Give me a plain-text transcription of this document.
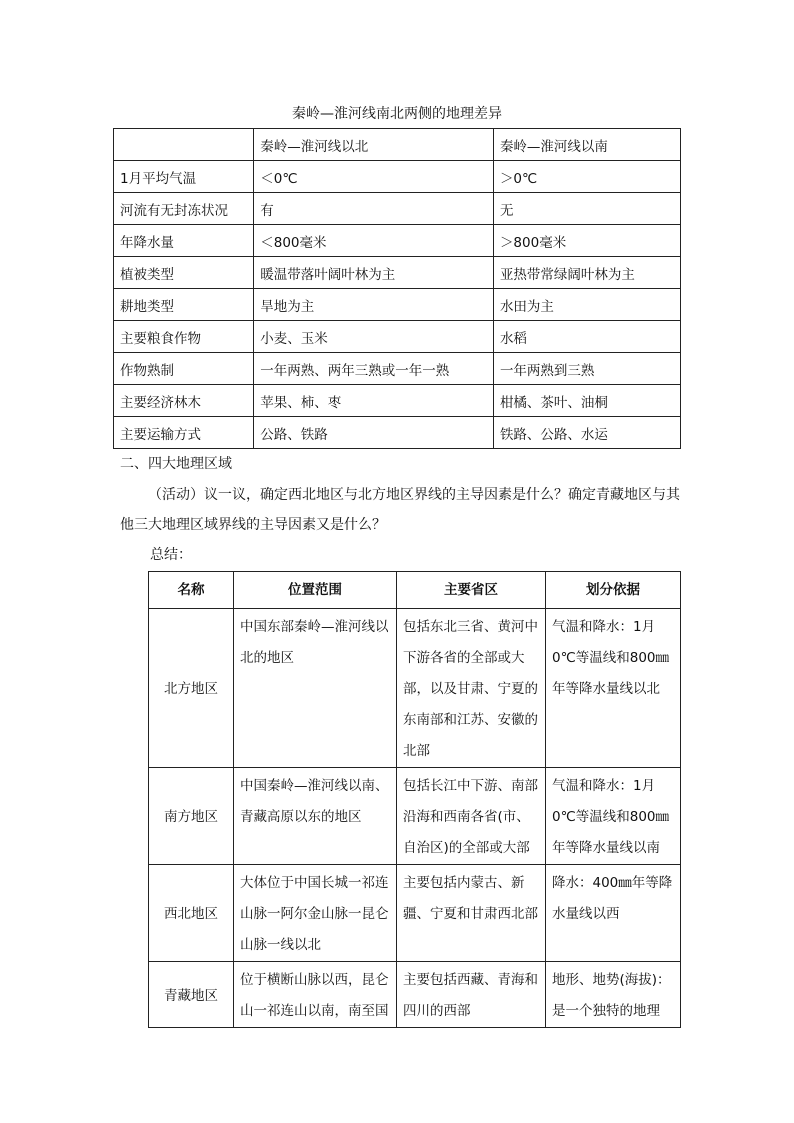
秦岭—淮河线南北两侧的地理差异
	秦岭—淮河线以北	秦岭—淮河线以南
1月平均气温	＜0℃	＞0℃
河流有无封冻状况	有	无
年降水量	＜800毫米	＞800毫米
植被类型	暖温带落叶阔叶林为主	亚热带常绿阔叶林为主
耕地类型	旱地为主	水田为主
主要粮食作物	小麦、玉米	水稻
作物熟制	一年两熟、两年三熟或一年一熟	一年两熟到三熟
主要经济林木	苹果、柿、枣	柑橘、茶叶、油桐
主要运输方式	公路、铁路	铁路、公路、水运
二、四大地理区域
（活动）议一议，确定西北地区与北方地区界线的主导因素是什么？确定青藏地区与其
他三大地理区域界线的主导因素又是什么？
总结：
名称	位置范围	主要省区	划分依据
北方地区	中国东部秦岭—淮河线以北的地区	包括东北三省、黄河中下游各省的全部或大部，以及甘肃、宁夏的东南部和江苏、安徽的北部	气温和降水：1月0℃等温线和800㎜年等降水量线以北
南方地区	中国秦岭—淮河线以南、青藏高原以东的地区	包括长江中下游、南部沿海和西南各省(市、自治区)的全部或大部	气温和降水：1月0℃等温线和800㎜年等降水量线以南
西北地区	大体位于中国长城一祁连山脉一阿尔金山脉一昆仑山脉一线以北	主要包括内蒙古、新疆、宁夏和甘肃西北部	降水：400㎜年等降水量线以西
青藏地区	位于横断山脉以西，昆仑山一祁连山以南，南至国	主要包括西藏、青海和四川的西部	地形、地势(海拔)：是一个独特的地理
